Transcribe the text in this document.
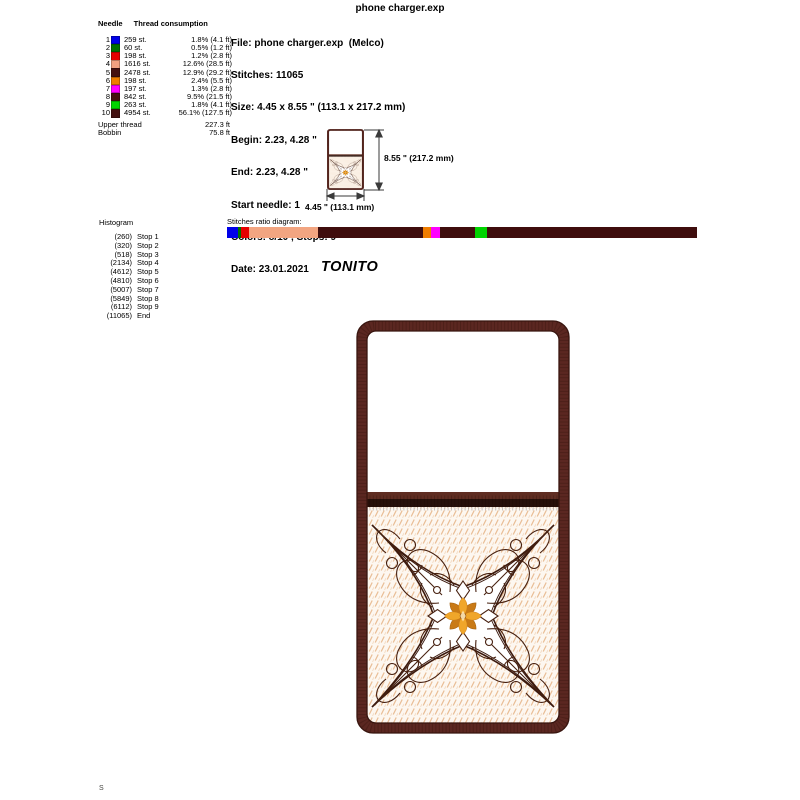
phone charger.exp
Needle Thread consumption
1	259 st.	1.8% (4.1 ft)
2	60 st.	0.5% (1.2 ft)
3	198 st.	1.2% (2.8 ft)
4	1616 st.	12.6% (28.5 ft)
5	2478 st.	12.9% (29.2 ft)
6	198 st.	2.4% (5.5 ft)
7	197 st.	1.3% (2.8 ft)
8	842 st.	9.5% (21.5 ft)
9	263 st.	1.8% (4.1 ft)
10	4954 st.	56.1% (127.5 ft)
Upper thread	227.3 ft
Bobbin	75.8 ft

File: phone charger.exp  (Melco)

Stitches: 11065

Size: 4.45 x 8.55 " (113.1 x 217.2 mm)

Begin: 2.23, 4.28 "

End: 2.23, 4.28 "

Start needle: 1

Date: 23.01.2021

8.55 " (217.2 mm)
4.45 " (113.1 mm)
Histogram
(260) Stop 1
(320) Stop 2
(518) Stop 3
(2134) Stop 4
(4612) Stop 5
(4810) Stop 6
(5007) Stop 7
(5849) Stop 8
(6112) Stop 9
(11065) End
Stitches ratio diagram:
TONITO
S
